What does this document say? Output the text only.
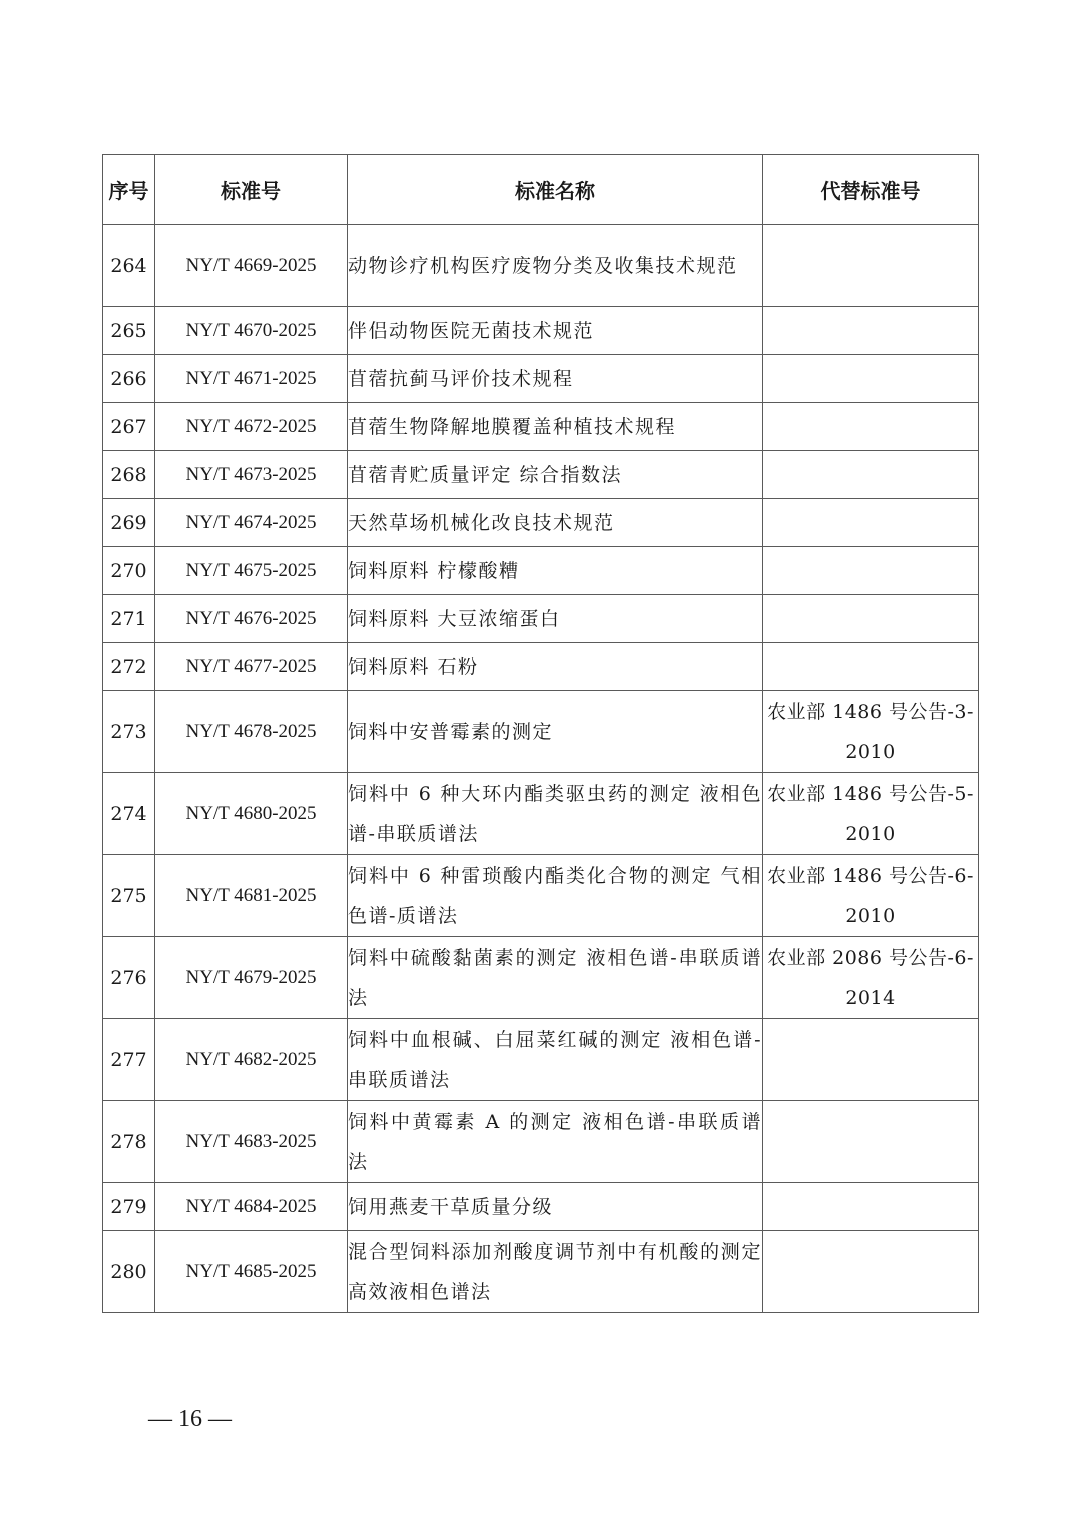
序号	标准号	标准名称	代替标准号
264	NY/T 4669-2025	动物诊疗机构医疗废物分类及收集技术规范	
265	NY/T 4670-2025	伴侣动物医院无菌技术规范	
266	NY/T 4671-2025	苜蓿抗蓟马评价技术规程	
267	NY/T 4672-2025	苜蓿生物降解地膜覆盖种植技术规程	
268	NY/T 4673-2025	苜蓿青贮质量评定 综合指数法	
269	NY/T 4674-2025	天然草场机械化改良技术规范	
270	NY/T 4675-2025	饲料原料 柠檬酸糟	
271	NY/T 4676-2025	饲料原料 大豆浓缩蛋白	
272	NY/T 4677-2025	饲料原料 石粉	
273	NY/T 4678-2025	饲料中安普霉素的测定	农业部 1486 号公告-3-2010
274	NY/T 4680-2025	饲料中 6 种大环内酯类驱虫药的测定 液相色谱-串联质谱法	农业部 1486 号公告-5-2010
275	NY/T 4681-2025	饲料中 6 种雷琐酸内酯类化合物的测定 气相色谱-质谱法	农业部 1486 号公告-6-2010
276	NY/T 4679-2025	饲料中硫酸黏菌素的测定 液相色谱-串联质谱法	农业部 2086 号公告-6-2014
277	NY/T 4682-2025	饲料中血根碱、白屈菜红碱的测定 液相色谱-串联质谱法	
278	NY/T 4683-2025	饲料中黄霉素 A 的测定 液相色谱-串联质谱法	
279	NY/T 4684-2025	饲用燕麦干草质量分级	
280	NY/T 4685-2025	混合型饲料添加剂酸度调节剂中有机酸的测定 高效液相色谱法	
— 16 —
